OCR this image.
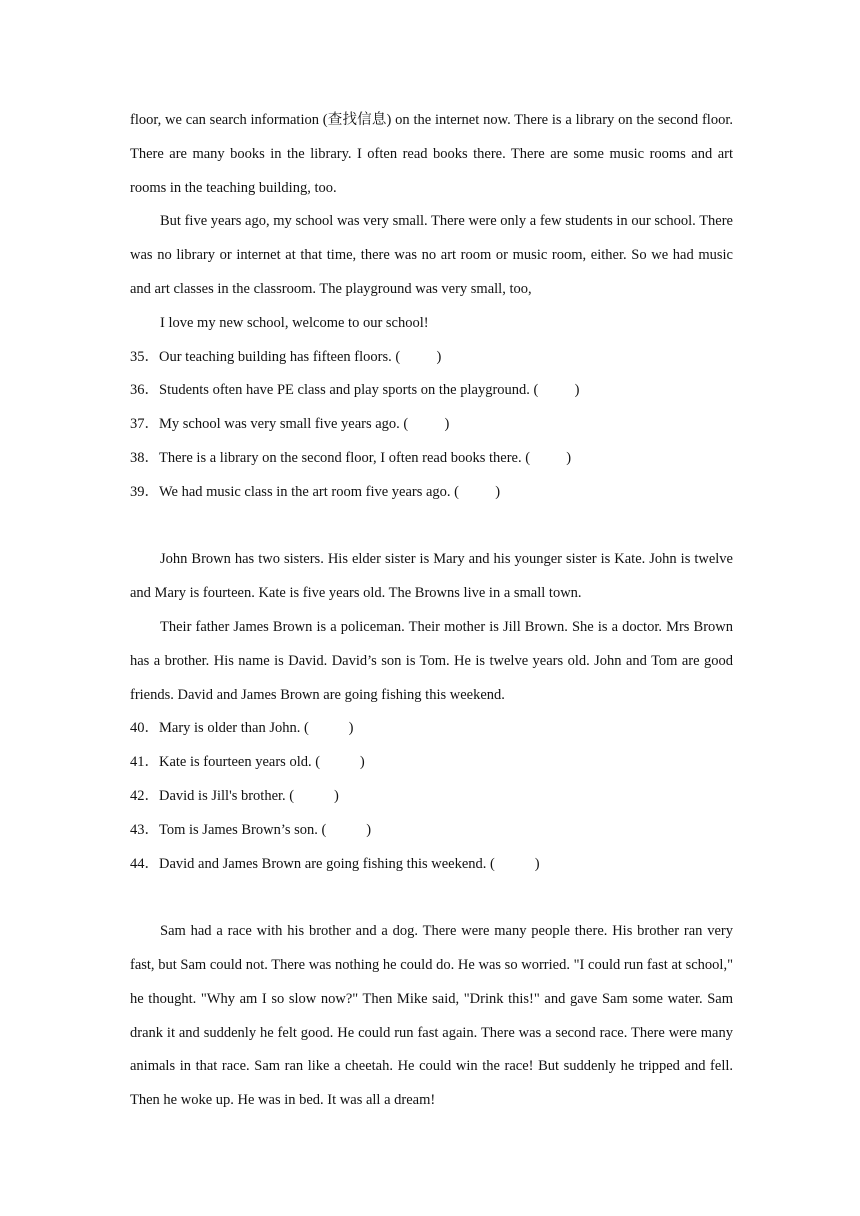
floor, we can search information (查找信息) on the internet now. There is a library on the second floor. There are many books in the library. I often read books there. There are some music rooms and art rooms in the teaching building, too.

But five years ago, my school was very small. There were only a few students in our school. There was no library or internet at that time, there was no art room or music room, either. So we had music and art classes in the classroom. The playground was very small, too,

I love my new school, welcome to our school!

35．Our teaching building has fifteen floors. (          )
36．Students often have PE class and play sports on the playground. (          )
37．My school was very small five years ago. (          )
38．There is a library on the second floor, I often read books there. (          )
39．We had music class in the art room five years ago. (          )

John Brown has two sisters. His elder sister is Mary and his younger sister is Kate. John is twelve and Mary is fourteen. Kate is five years old. The Browns live in a small town.

Their father James Brown is a policeman. Their mother is Jill Brown. She is a doctor. Mrs Brown has a brother. His name is David. David’s son is Tom. He is twelve years old. John and Tom are good friends. David and James Brown are going fishing this weekend.

40．Mary is older than John. (           )
41．Kate is fourteen years old. (           )
42．David is Jill's brother. (           )
43．Tom is James Brown’s son. (           )
44．David and James Brown are going fishing this weekend. (           )

Sam had a race with his brother and a dog. There were many people there. His brother ran very fast, but Sam could not. There was nothing he could do. He was so worried. "I could run fast at school," he thought. "Why am I so slow now?" Then Mike said, "Drink this!" and gave Sam some water. Sam drank it and suddenly he felt good. He could run fast again. There was a second race. There were many animals in that race. Sam ran like a cheetah. He could win the race! But suddenly he tripped and fell. Then he woke up. He was in bed. It was all a dream!
